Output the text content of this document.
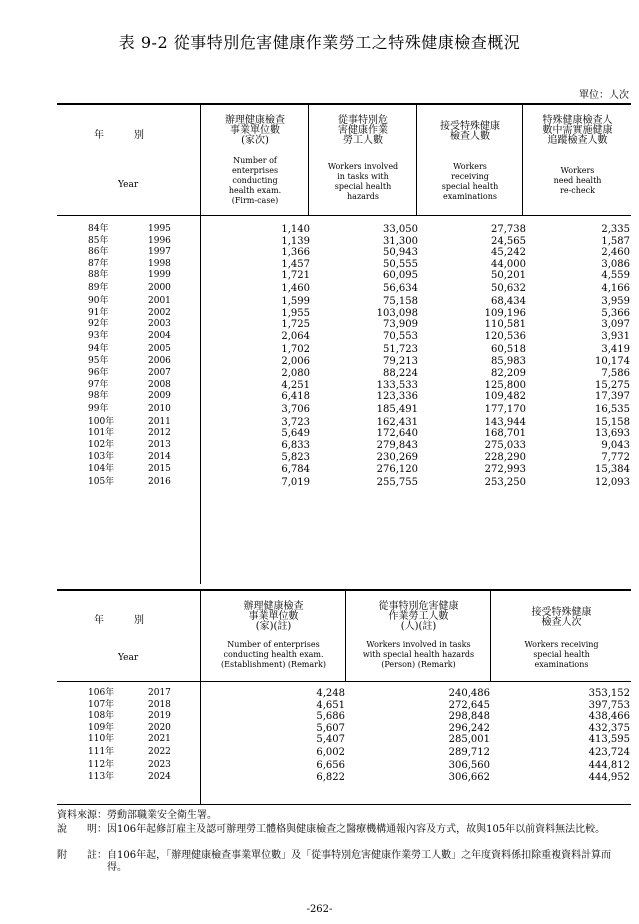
表 9-2 從事特別危害健康作業勞工之特殊健康檢查概況
單位：人次
年　　　別
Year
辦理健康檢查
事業單位數
(家次)
Number of
enterprises
conducting
health exam.
(Firm-case)
從事特別危
害健康作業
勞工人數
Workers involved
in tasks with
special health
hazards
接受特殊健康
檢查人數
Workers
receiving
special health
examinations
特殊健康檢查人
數中需實施健康
追蹤檢查人數
Workers
need health
re-check
84年	1995	1,140	33,050	27,738	2,335
85年	1996	1,139	31,300	24,565	1,587
86年	1997	1,366	50,943	45,242	2,460
87年	1998	1,457	50,555	44,000	3,086
88年	1999	1,721	60,095	50,201	4,559
89年	2000	1,460	56,634	50,632	4,166
90年	2001	1,599	75,158	68,434	3,959
91年	2002	1,955	103,098	109,196	5,366
92年	2003	1,725	73,909	110,581	3,097
93年	2004	2,064	70,553	120,536	3,931
94年	2005	1,702	51,723	60,518	3,419
95年	2006	2,006	79,213	85,983	10,174
96年	2007	2,080	88,224	82,209	7,586
97年	2008	4,251	133,533	125,800	15,275
98年	2009	6,418	123,336	109,482	17,397
99年	2010	3,706	185,491	177,170	16,535
100年	2011	3,723	162,431	143,944	15,158
101年	2012	5,649	172,640	168,701	13,693
102年	2013	6,833	279,843	275,033	9,043
103年	2014	5,823	230,269	228,290	7,772
104年	2015	6,784	276,120	272,993	15,384
105年	2016	7,019	255,755	253,250	12,093
年　　　別
Year
辦理健康檢查
事業單位數
(家)(註)
Number of enterprises
conducting health exam.
(Establishment) (Remark)
從事特別危害健康
作業勞工人數
(人)(註)
Workers involved in tasks
with special health hazards
(Person) (Remark)
接受特殊健康
檢查人次
Workers receiving
special health
examinations
106年	2017	4,248	240,486	353,152
107年	2018	4,651	272,645	397,753
108年	2019	5,686	298,848	438,466
109年	2020	5,607	296,242	432,375
110年	2021	5,407	285,001	413,595
111年	2022	6,002	289,712	423,724
112年	2023	6,656	306,560	444,812
113年	2024	6,822	306,662	444,952
資料來源：勞動部職業安全衛生署。
說　　明： 因106年起修訂雇主及認可辦理勞工體格與健康檢查之醫療機構通報內容及方式，故與105年以前資料無法比較。
附　　註： 自106年起，「辦理健康檢查事業單位數」及「從事特別危害健康作業勞工人數」之年度資料係扣除重複資料計算而得。
-262-
